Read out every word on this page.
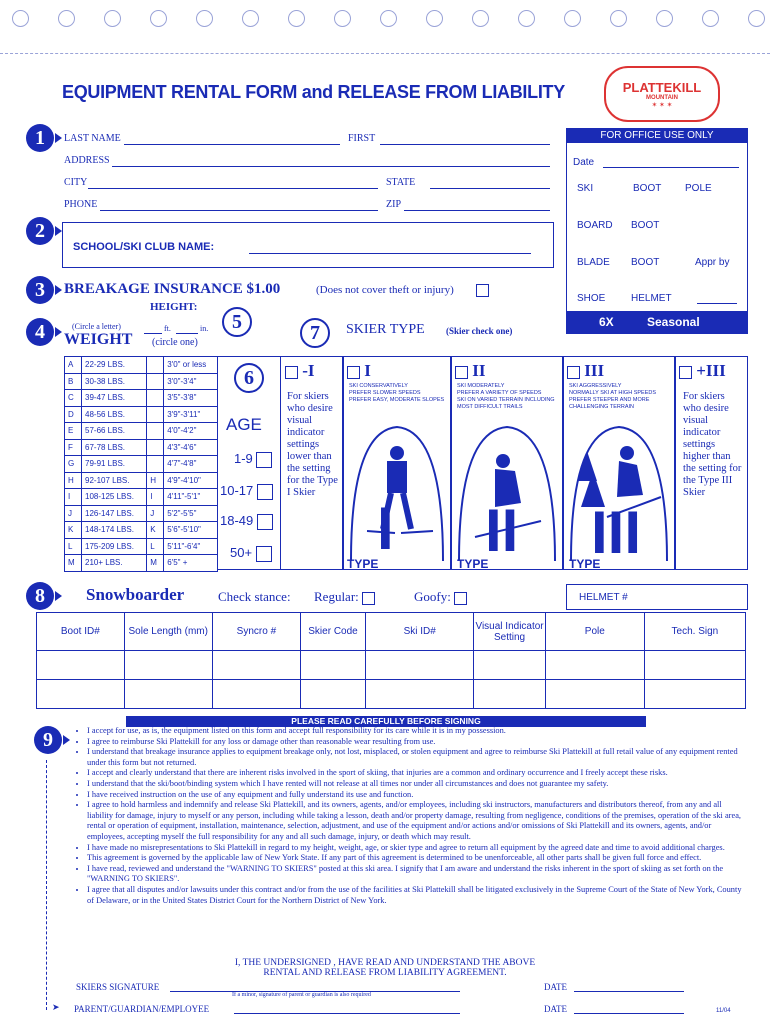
EQUIPMENT RENTAL FORM and RELEASE FROM LIABILITY	PLATTEKILL
MOUNTAIN
✶ ✶ ✶
1	LAST NAME	FIRST
ADDRESS
CITY	STATE
PHONE	ZIP
FOR OFFICE USE ONLY
Date
SKI	BOOT POLE
BOARD BOOT
BLADE BOOT	Appr by
SHOE	HELMET
6X	Seasonal
2
SCHOOL/SKI CLUB NAME:
3	BREAKAGE INSURANCE $1.00	(Does not cover theft or injury)
HEIGHT:
4	(Circle a letter)	ft.	in.
WEIGHT (circle one)
5	7	SKIER TYPE (Skier check one)
A	22-29 LBS.		3'0" or less
B	30-38 LBS.		3'0"-3'4"
C	39-47 LBS.		3'5"-3'8"
D	48-56 LBS.		3'9"-3'11"
E	57-66 LBS.		4'0"-4'2"
F	67-78 LBS.		4'3"-4'6"
G	79-91 LBS.		4'7"-4'8"
H	92-107 LBS.	H	4'9"-4'10"
I	108-125 LBS.	I	4'11"-5'1"
J	126-147 LBS.	J	5'2"-5'5"
K	148-174 LBS.	K	5'6"-5'10"
L	175-209 LBS.	L	5'11"-6'4"
M	210+ LBS.	M	6'5" +
6
AGE
1-9
10-17
18-49
50+
-I
For skiers who desire visual indicator settings lower than the setting for the Type I Skier
I
SKI CONSERVATIVELY
PREFER SLOWER SPEEDS
PREFER EASY, MODERATE SLOPES
I
TYPE
II
SKI MODERATELY
PREFER A VARIETY OF SPEEDS
SKI ON VARIED TERRAIN INCLUDING MOST DIFFICULT TRAILS
II
TYPE
III
SKI AGGRESSIVELY
NORMALLY SKI AT HIGH SPEEDS
PREFER STEEPER AND MORE CHALLENGING TERRAIN
III
TYPE
+III
For skiers who desire visual indicator settings higher than the setting for the Type III Skier
8	Snowboarder	Check stance: Regular:	Goofy:	HELMET #
Boot ID#	Sole Length (mm)	Syncro #	Skier Code	Ski ID#	Visual Indicator Setting	Pole	Tech. Sign

PLEASE READ CAREFULLY BEFORE SIGNING
9	• I accept for use, as is, the equipment listed on this form and accept full responsibility for its care while it is in my possession.
• I agree to reimburse Ski Plattekill for any loss or damage other than reasonable wear resulting from use.
• I understand that breakage insurance applies to equipment breakage only, not lost, misplaced, or stolen equipment and agree to reimburse Ski Plattekill at full retail value of any equipment rented under this form but not returned.
• I accept and clearly understand that there are inherent risks involved in the sport of skiing, that injuries are a common and ordinary occurrence and I freely accept these risks.
• I understand that the ski/boot/binding system which I have rented will not release at all times nor under all circumstances and does not guarantee my safety.
• I have received instruction on the use of any equipment and fully understand its use and function.
• I agree to hold harmless and indemnify and release Ski Plattekill, and its owners, agents, and/or employees, including ski instructors, manufacturers and distributors thereof, from any and all liability for damage, injury to myself or any person, including while taking a lesson, death and/or property damage, resulting from negligence, conditions of the premises, operation of the ski area, rental or operation of equipment, installation, maintenance, selection, adjustment, and use of the equipment and/or actions and/or omissions of Ski Plattekill and its owners, agents, and/or employees, accepting myself the full responsibility for any and all such damage, injury, or death which may result.
• I have made no misrepresentations to Ski Plattekill in regard to my height, weight, age, or skier type and agree to return all equipment by the agreed date and time to avoid additional charges.
• This agreement is governed by the applicable law of New York State. If any part of this agreement is determined to be unenforceable, all other parts shall be given full force and effect.
• I have read, reviewed and understand the "WARNING TO SKIERS" posted at this ski area. I signify that I am aware and understand the risks inherent in the sport of skiing as set forth on the "WARNING TO SKIERS".
• I agree that all disputes and/or lawsuits under this contract and/or from the use of the facilities at Ski Plattekill shall be litigated exclusively in the Supreme Court of the State of New York, County of Delaware, or in the United States District Court for the Northern District of New York.
I, THE UNDERSIGNED , HAVE READ AND UNDERSTAND THE ABOVE
RENTAL AND RELEASE FROM LIABILITY AGREEMENT.
SKIERS SIGNATURE
If a minor, signature of parent or guardian is also required
DATE
➤ PARENT/GUARDIAN/EMPLOYEE	DATE	11/04
